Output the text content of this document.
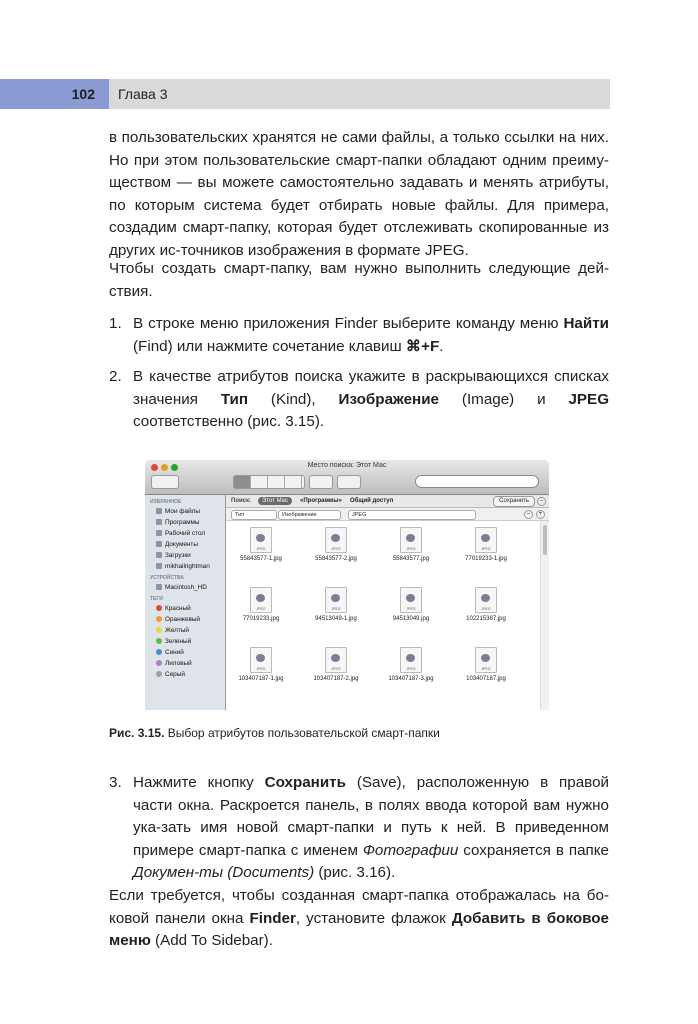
102	Глава 3

в пользовательских хранятся не сами файлы, а только ссылки на них. Но при этом пользовательские смарт-папки обладают одним преиму-ществом — вы можете самостоятельно задавать и менять атрибуты, по которым система будет отбирать новые файлы. Для примера, создадим смарт-папку, которая будет отслеживать скопированные из других ис-точников изображения в формате JPEG.

Чтобы создать смарт-папку, вам нужно выполнить следующие дей-ствия.

1. В строке меню приложения Finder выберите команду меню Найти (Find) или нажмите сочетание клавиш ⌘+F.
2. В качестве атрибутов поиска укажите в раскрывающихся списках значения Тип (Kind), Изображение (Image) и JPEG соответственно (рис. 3.15).
Место поиска: Этот Мас
ИЗБРАННОЕ
Мои файлы
Программы
Рабочий стол
Документы
Загрузки
mikhailrightman
УСТРОЙСТВА
Macintosh_HD
ТЕГИ
Красный
Оранжевый
Желтый
Зеленый
Синий
Лиловый
Серый
Поиск:	Этот Мас	«Программы» Общий доступ	Сохранить	–
Тип	Изображение	JPEG	–	+
JPEG
55843577-1.jpg
JPEG
55843577-2.jpg
JPEG
55843577.jpg
JPEG
77019233-1.jpg
JPEG
77019233.jpg
JPEG
94513049-1.jpg
JPEG
94513049.jpg
JPEG
102215387.jpg
JPEG
103407187-1.jpg
JPEG
103407187-2.jpg
JPEG
103407187-3.jpg
JPEG
103407187.jpg
Рис. 3.15. Выбор атрибутов пользовательской смарт-папки
3. Нажмите кнопку Сохранить (Save), расположенную в правой части окна. Раскроется панель, в полях ввода которой вам нужно ука-зать имя новой смарт-папки и путь к ней. В приведенном примере смарт-папка с именем Фотографии сохраняется в папке Докумен-ты (Documents) (рис. 3.16).

Если требуется, чтобы созданная смарт-папка отображалась на бо-ковой панели окна Finder, установите флажок Добавить в боковое меню (Add To Sidebar).
